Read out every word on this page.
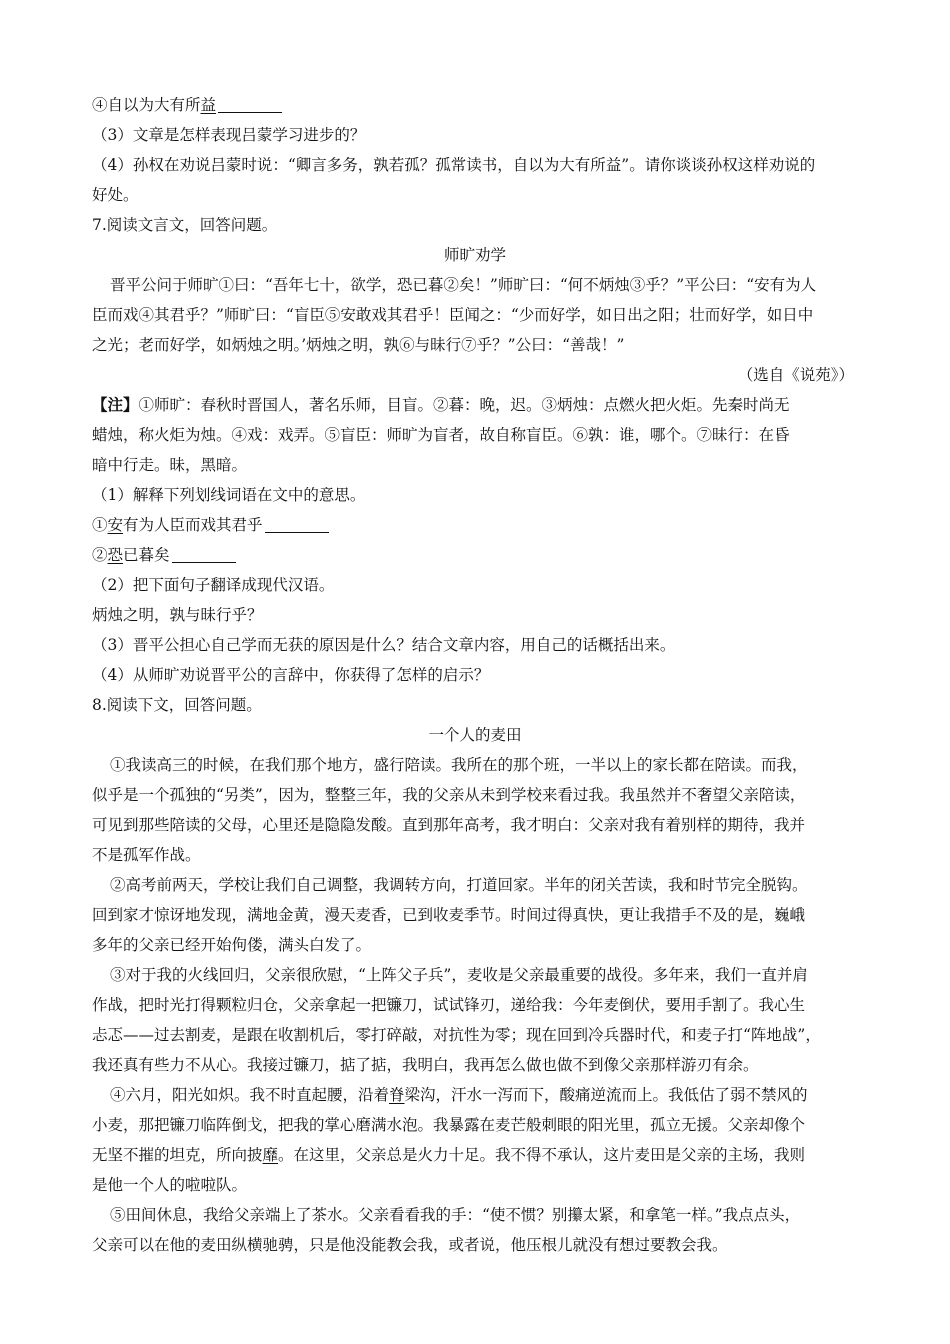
④自以为大有所益
（3）文章是怎样表现吕蒙学习进步的？
（4）孙权在劝说吕蒙时说：“卿言多务，孰若孤？孤常读书，自以为大有所益”。请你谈谈孙权这样劝说的
好处。
7.阅读文言文，回答问题。
师旷劝学
晋平公问于师旷①曰：“吾年七十，欲学，恐已暮②矣！”师旷曰：“何不炳烛③乎？”平公曰：“安有为人
臣而戏④其君乎？”师旷曰：“盲臣⑤安敢戏其君乎！臣闻之：“少而好学，如日出之阳；壮而好学，如日中
之光；老而好学，如炳烛之明。’炳烛之明，孰⑥与昧行⑦乎？”公曰：“善哉！”
（选自《说苑》）
【注】①师旷：春秋时晋国人，著名乐师，目盲。②暮：晚，迟。③炳烛：点燃火把火炬。先秦时尚无
蜡烛，称火炬为烛。④戏：戏弄。⑤盲臣：师旷为盲者，故自称盲臣。⑥孰：谁，哪个。⑦昧行：在昏
暗中行走。昧，黑暗。
（1）解释下列划线词语在文中的意思。
①安有为人臣而戏其君乎
②恐已暮矣
（2）把下面句子翻译成现代汉语。
炳烛之明，孰与昧行乎？
（3）晋平公担心自己学而无获的原因是什么？结合文章内容，用自己的话概括出来。
（4）从师旷劝说晋平公的言辞中，你获得了怎样的启示？
8.阅读下文，回答问题。
一个人的麦田
①我读高三的时候，在我们那个地方，盛行陪读。我所在的那个班，一半以上的家长都在陪读。而我，
似乎是一个孤独的“另类”，因为，整整三年，我的父亲从未到学校来看过我。我虽然并不奢望父亲陪读，
可见到那些陪读的父母，心里还是隐隐发酸。直到那年高考，我才明白：父亲对我有着别样的期待，我并
不是孤军作战。
②高考前两天，学校让我们自己调整，我调转方向，打道回家。半年的闭关苦读，我和时节完全脱钩。
回到家才惊讶地发现，满地金黄，漫天麦香，已到收麦季节。时间过得真快，更让我措手不及的是，巍峨
多年的父亲已经开始佝偻，满头白发了。
③对于我的火线回归，父亲很欣慰，“上阵父子兵”，麦收是父亲最重要的战役。多年来，我们一直并肩
作战，把时光打得颗粒归仓，父亲拿起一把镰刀，试试锋刃，递给我：今年麦倒伏，要用手割了。我心生
忐忑——过去割麦，是跟在收割机后，零打碎敲，对抗性为零；现在回到冷兵器时代，和麦子打“阵地战”，
我还真有些力不从心。我接过镰刀，掂了掂，我明白，我再怎么做也做不到像父亲那样游刃有余。
④六月，阳光如炽。我不时直起腰，沿着脊梁沟，汗水一泻而下，酸痛逆流而上。我低估了弱不禁风的
小麦，那把镰刀临阵倒戈，把我的掌心磨满水泡。我暴露在麦芒般刺眼的阳光里，孤立无援。父亲却像个
无坚不摧的坦克，所向披靡。在这里，父亲总是火力十足。我不得不承认，这片麦田是父亲的主场，我则
是他一个人的啦啦队。
⑤田间休息，我给父亲端上了茶水。父亲看看我的手：“使不惯？别攥太紧，和拿笔一样。”我点点头，
父亲可以在他的麦田纵横驰骋，只是他没能教会我，或者说，他压根儿就没有想过要教会我。
